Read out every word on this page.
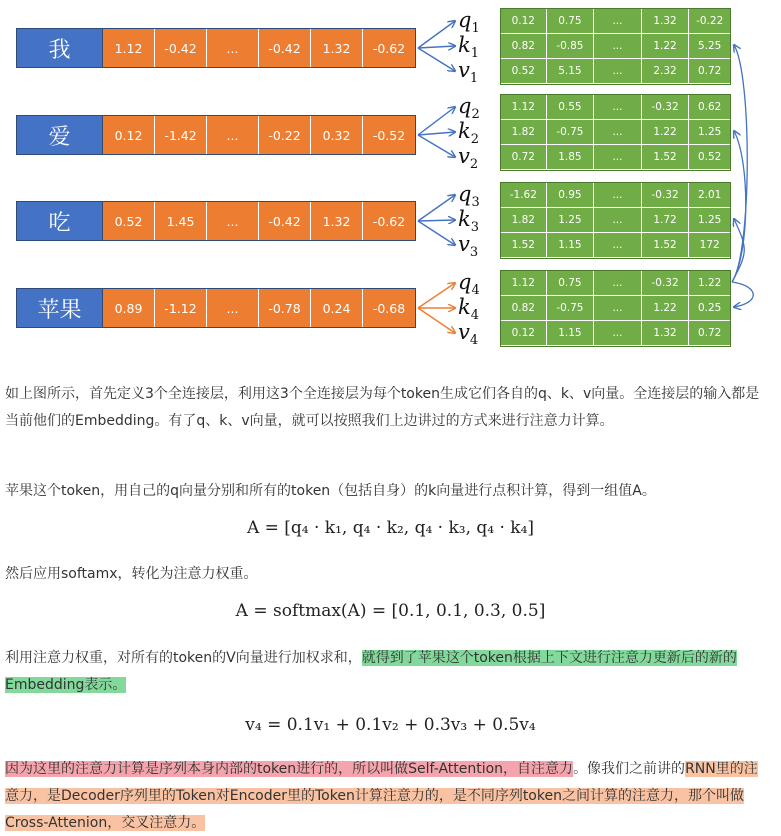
我	1.12	-0.42	...	-0.42	1.32	-0.62
0.12	0.75	...	1.32	-0.22
0.82	-0.85	...	1.22	5.25
0.52	5.15	...	2.32	0.72
$q_1$
$k_1$
$v_1$
爱	0.12	-1.42	...	-0.22	0.32	-0.52
1.12	0.55	...	-0.32	0.62
1.82	-0.75	...	1.22	1.25
0.72	1.85	...	1.52	0.52
$q_2$
$k_2$
$v_2$
吃	0.52	1.45	...	-0.42	1.32	-0.62
-1.62	0.95	...	-0.32	2.01
1.82	1.25	...	1.72	1.25
1.52	1.15	...	1.52	172
$q_3$
$k_3$
$v_3$
苹果	0.89	-1.12	...	-0.78	0.24	-0.68
1.12	0.75	...	-0.32	1.22
0.82	-0.75	...	1.22	0.25
0.12	1.15	...	1.32	0.72
$q_4$
$k_4$
$v_4$
如上图所示，首先定义3个全连接层，利用这3个全连接层为每个token生成它们各自的q、k、v向量。全连接层的输入都是当前他们的Embedding。有了q、k、v向量，就可以按照我们上边讲过的方式来进行注意力计算。
苹果这个token，用自己的q向量分别和所有的token（包括自身）的k向量进行点积计算，得到一组值A。
A = [q₄ · k₁, q₄ · k₂, q₄ · k₃, q₄ · k₄]
然后应用softamx，转化为注意力权重。
A = softmax(A) = [0.1, 0.1, 0.3, 0.5]
利用注意力权重，对所有的token的V向量进行加权求和，就得到了苹果这个token根据上下文进行注意力更新后的新的Embedding表示。
v₄ = 0.1v₁ + 0.1v₂ + 0.3v₃ + 0.5v₄
因为这里的注意力计算是序列本身内部的token进行的，所以叫做Self-Attention，自注意力。像我们之前讲的RNN里的注意力，是Decoder序列里的Token对Encoder里的Token计算注意力的，是不同序列token之间计算的注意力，那个叫做Cross-Attenion，交叉注意力。
